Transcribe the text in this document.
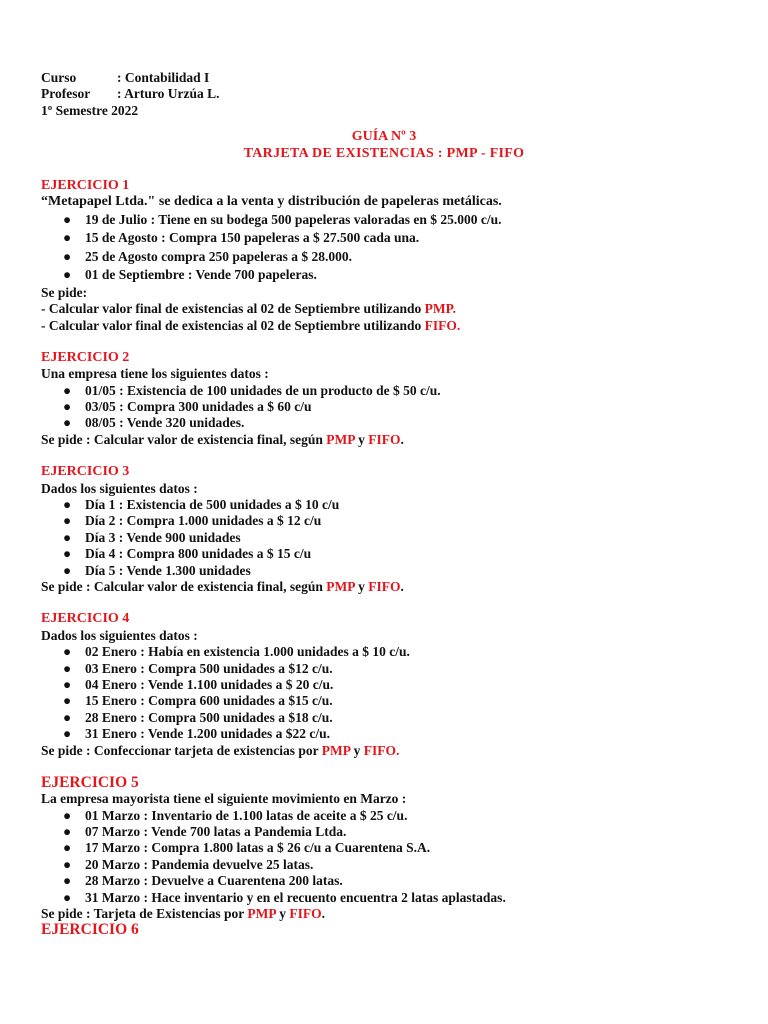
Curso	: Contabilidad I
Profesor	: Arturo Urzúa L.
1º Semestre 2022
GUÍA Nº 3
TARJETA DE EXISTENCIAS : PMP - FIFO
EJERCICIO 1
“Metapapel Ltda." se dedica a la venta y distribución de papeleras metálicas.
● 19 de Julio : Tiene en su bodega 500 papeleras valoradas en $ 25.000 c/u.
● 15 de Agosto : Compra 150 papeleras a $ 27.500 cada una.
● 25 de Agosto compra 250 papeleras a $ 28.000.
● 01 de Septiembre : Vende 700 papeleras.
Se pide:
- Calcular valor final de existencias al 02 de Septiembre utilizando PMP.
- Calcular valor final de existencias al 02 de Septiembre utilizando FIFO.
EJERCICIO 2
Una empresa tiene los siguientes datos :
● 01/05 : Existencia de 100 unidades de un producto de $ 50 c/u.
● 03/05 : Compra 300 unidades a $ 60 c/u
● 08/05 : Vende 320 unidades.
Se pide : Calcular valor de existencia final, según PMP y FIFO.
EJERCICIO 3
Dados los siguientes datos :
● Día 1 : Existencia de 500 unidades a $ 10 c/u
● Día 2 : Compra 1.000 unidades a $ 12 c/u
● Día 3 : Vende 900 unidades
● Día 4 : Compra 800 unidades a $ 15 c/u
● Día 5 : Vende 1.300 unidades
Se pide : Calcular valor de existencia final, según PMP y FIFO.
EJERCICIO 4
Dados los siguientes datos :
● 02 Enero : Había en existencia 1.000 unidades a $ 10 c/u.
● 03 Enero : Compra 500 unidades a $12 c/u.
● 04 Enero : Vende 1.100 unidades a $ 20 c/u.
● 15 Enero : Compra 600 unidades a $15 c/u.
● 28 Enero : Compra 500 unidades a $18 c/u.
● 31 Enero : Vende 1.200 unidades a $22 c/u.
Se pide : Confeccionar tarjeta de existencias por PMP y FIFO.
EJERCICIO 5
La empresa mayorista tiene el siguiente movimiento en Marzo :
● 01 Marzo : Inventario de 1.100 latas de aceite a $ 25 c/u.
● 07 Marzo : Vende 700 latas a Pandemia Ltda.
● 17 Marzo : Compra 1.800 latas a $ 26 c/u a Cuarentena S.A.
● 20 Marzo : Pandemia devuelve 25 latas.
● 28 Marzo : Devuelve a Cuarentena 200 latas.
● 31 Marzo : Hace inventario y en el recuento encuentra 2 latas aplastadas.
Se pide : Tarjeta de Existencias por PMP y FIFO.
EJERCICIO 6
